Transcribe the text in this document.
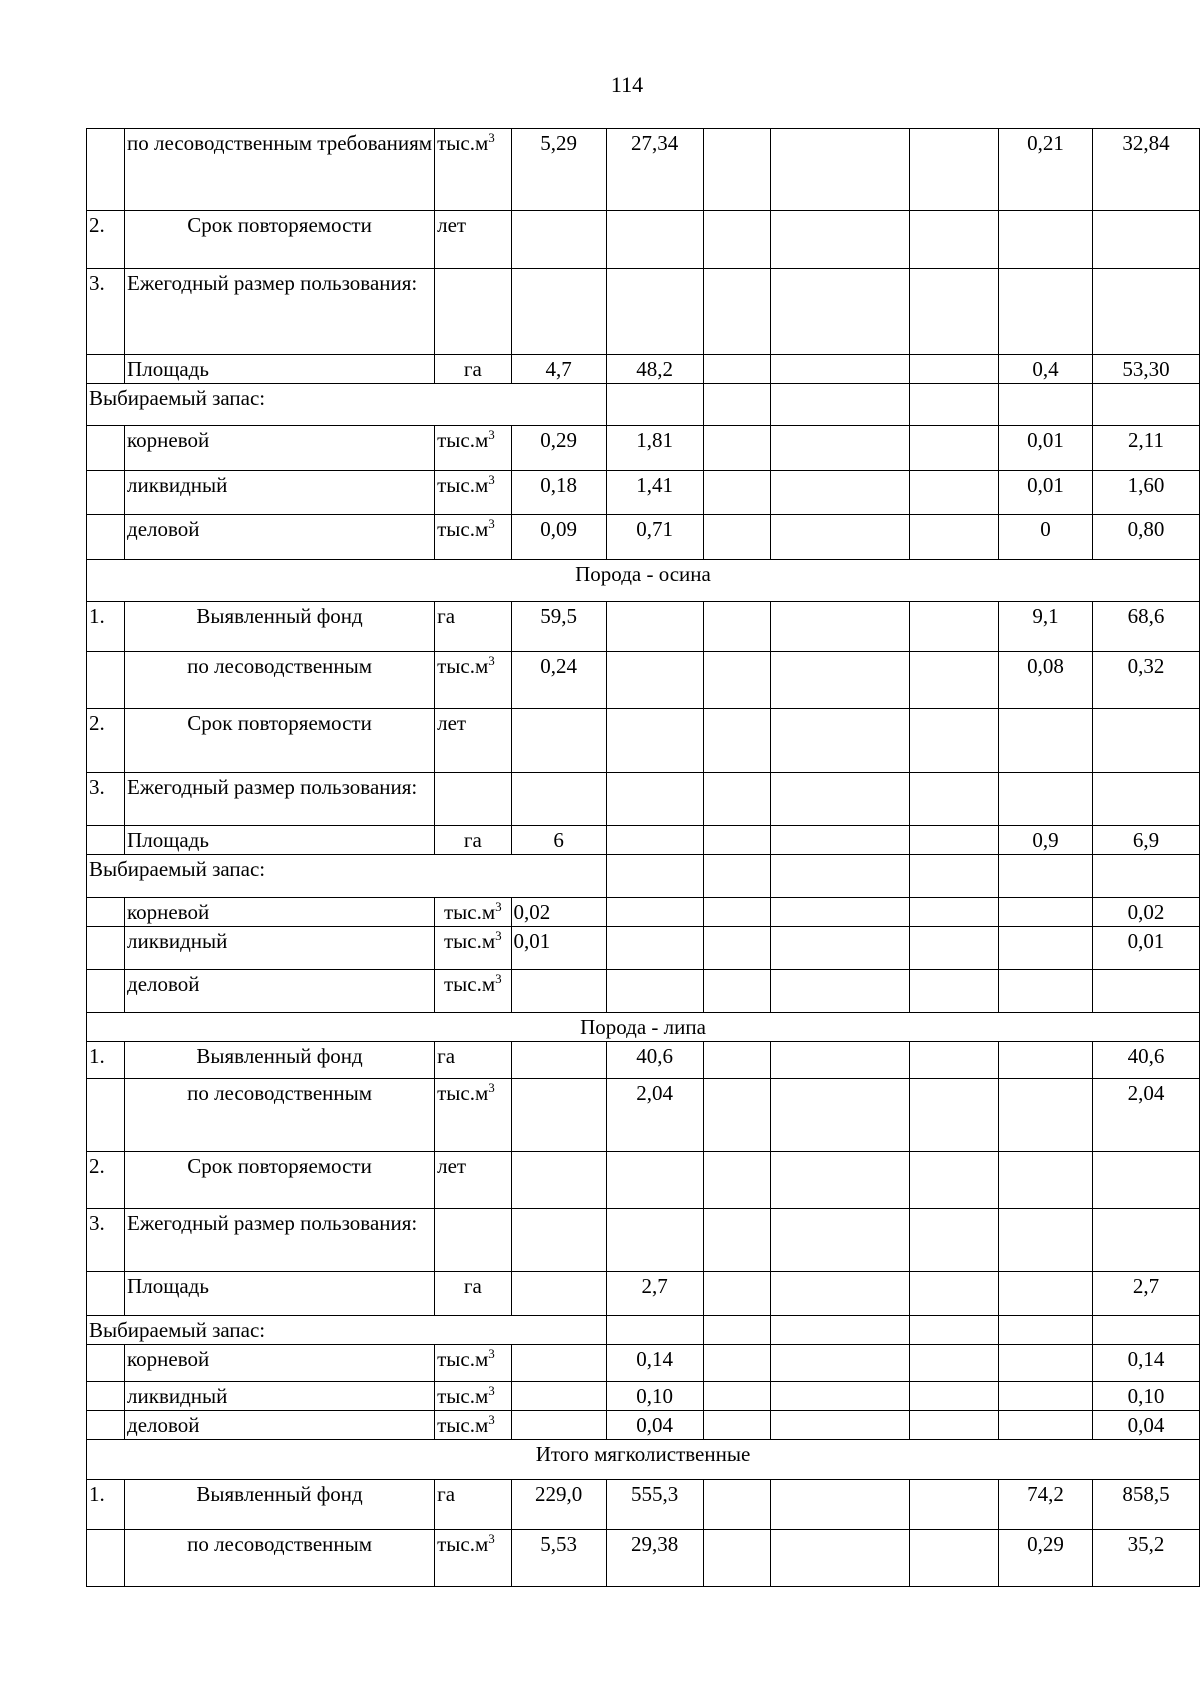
114
	по лесоводственным требованиям	$тыс.м^3$	5,29	27,34				0,21	32,84
2.	Срок повторяемости	лет							
3.	Ежегодный размер пользования:								
	Площадь	га	4,7	48,2				0,4	53,30
Выбираемый запас:									
	корневой	$тыс.м^3$	0,29	1,81				0,01	2,11
	ликвидный	$тыс.м^3$	0,18	1,41				0,01	1,60
	деловой	$тыс.м^3$	0,09	0,71				0	0,80
Порода - осина									
1.	Выявленный фонд	га	59,5					9,1	68,6
	по лесоводственным	$тыс.м^3$	0,24					0,08	0,32
2.	Срок повторяемости	лет							
3.	Ежегодный размер пользования:								
	Площадь	га	6					0,9	6,9
Выбираемый запас:									
	корневой	$тыс.м^3$	0,02						0,02
	ликвидный	$тыс.м^3$	0,01						0,01
	деловой	$тыс.м^3$							
Порода - липа									
1.	Выявленный фонд	га		40,6					40,6
	по лесоводственным	$тыс.м^3$		2,04					2,04
2.	Срок повторяемости	лет							
3.	Ежегодный размер пользования:								
	Площадь	га		2,7					2,7
Выбираемый запас:									
	корневой	$тыс.м^3$		0,14					0,14
	ликвидный	$тыс.м^3$		0,10					0,10
	деловой	$тыс.м^3$		0,04					0,04
Итого мягколиственные									
1.	Выявленный фонд	га	229,0	555,3				74,2	858,5
	по лесоводственным	$тыс.м^3$	5,53	29,38				0,29	35,2
